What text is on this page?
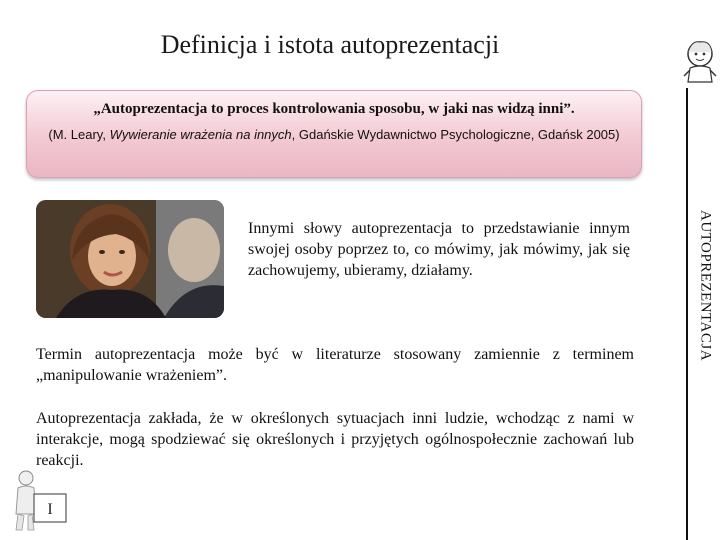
Definicja i istota autoprezentacji
„Autoprezentacja to proces kontrolowania sposobu, w jaki nas widzą inni”.
(M. Leary, Wywieranie wrażenia na innych, Gdańskie Wydawnictwo Psychologiczne, Gdańsk 2005)
Innymi słowy autoprezentacja to przedstawianie innym swojej osoby poprzez to, co mówimy, jak mówimy, jak się zachowujemy, ubieramy, działamy.
Termin autoprezentacja może być w literaturze stosowany zamiennie z terminem „manipulowanie wrażeniem”.
Autoprezentacja zakłada, że w określonych sytuacjach inni ludzie, wchodząc z nami w interakcje, mogą spodziewać się określonych i przyjętych ogólnospołecznie zachowań lub reakcji.
AUTOPREZENTACJA
I
